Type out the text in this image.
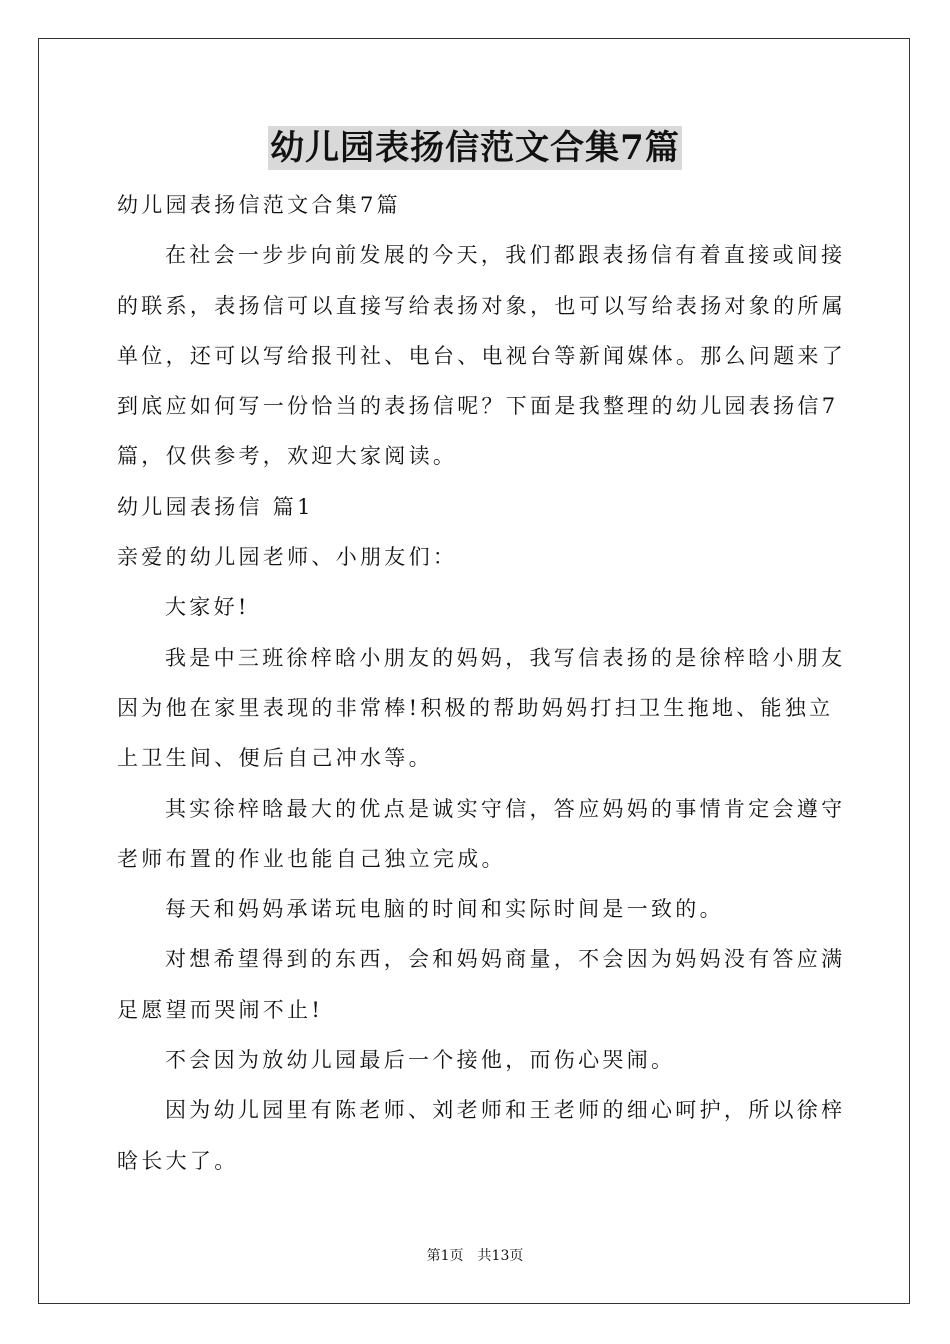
幼儿园表扬信范文合集7篇

幼儿园表扬信范文合集7篇

在社会一步步向前发展的今天，我们都跟表扬信有着直接或间接

的联系，表扬信可以直接写给表扬对象，也可以写给表扬对象的所属

单位，还可以写给报刊社、电台、电视台等新闻媒体。那么问题来了

到底应如何写一份恰当的表扬信呢？下面是我整理的幼儿园表扬信7

篇，仅供参考，欢迎大家阅读。

幼儿园表扬信 篇1

亲爱的幼儿园老师、小朋友们：

大家好!

我是中三班徐梓晗小朋友的妈妈，我写信表扬的是徐梓晗小朋友

因为他在家里表现的非常棒!积极的帮助妈妈打扫卫生拖地、能独立

上卫生间、便后自己冲水等。

其实徐梓晗最大的优点是诚实守信，答应妈妈的事情肯定会遵守

老师布置的作业也能自己独立完成。

每天和妈妈承诺玩电脑的时间和实际时间是一致的。

对想希望得到的东西，会和妈妈商量，不会因为妈妈没有答应满

足愿望而哭闹不止!

不会因为放幼儿园最后一个接他，而伤心哭闹。

因为幼儿园里有陈老师、刘老师和王老师的细心呵护，所以徐梓

晗长大了。

第1页 共13页
